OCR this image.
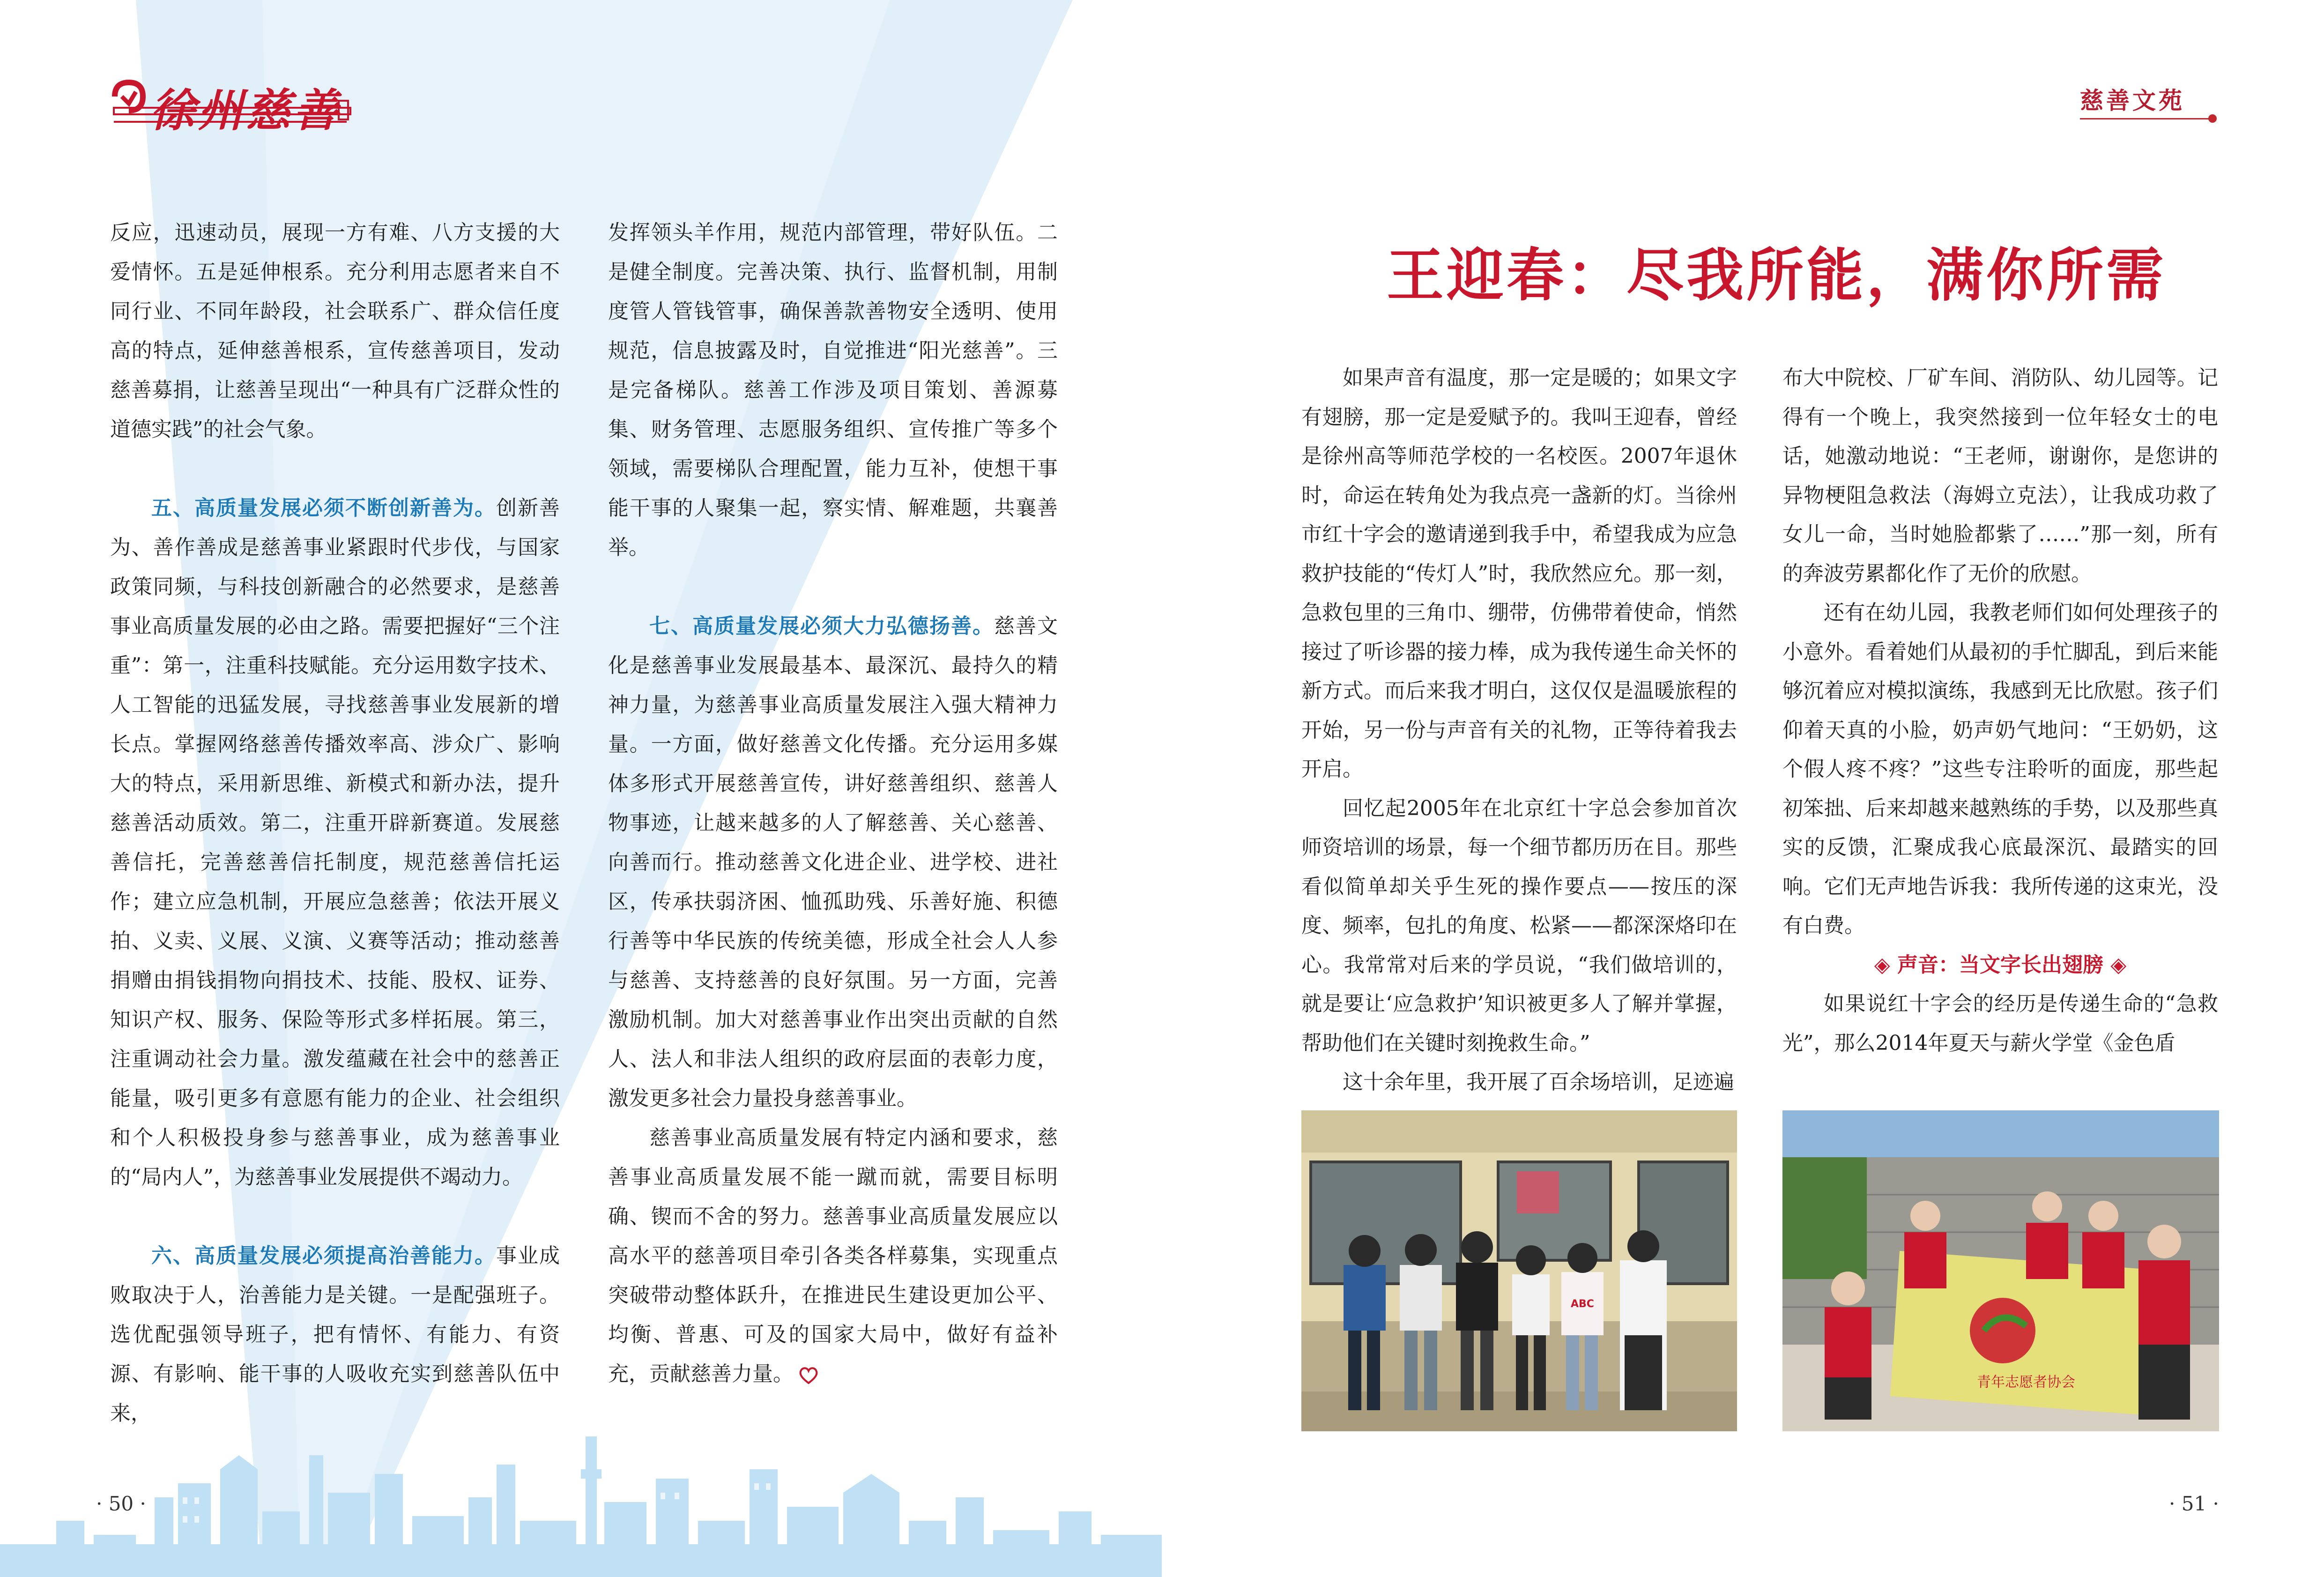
徐州慈善	慈善文苑

反应，迅速动员，展现一方有难、八方支援的大爱情怀。五是延伸根系。充分利用志愿者来自不同行业、不同年龄段，社会联系广、群众信任度高的特点，延伸慈善根系，宣传慈善项目，发动慈善募捐，让慈善呈现出“一种具有广泛群众性的道德实践”的社会气象。

五、高质量发展必须不断创新善为。创新善为、善作善成是慈善事业紧跟时代步伐，与国家政策同频，与科技创新融合的必然要求，是慈善事业高质量发展的必由之路。需要把握好“三个注重”：第一，注重科技赋能。充分运用数字技术、人工智能的迅猛发展，寻找慈善事业发展新的增长点。掌握网络慈善传播效率高、涉众广、影响大的特点，采用新思维、新模式和新办法，提升慈善活动质效。第二，注重开辟新赛道。发展慈善信托，完善慈善信托制度，规范慈善信托运作；建立应急机制，开展应急慈善；依法开展义拍、义卖、义展、义演、义赛等活动；推动慈善捐赠由捐钱捐物向捐技术、技能、股权、证券、知识产权、服务、保险等形式多样拓展。第三，注重调动社会力量。激发蕴藏在社会中的慈善正能量，吸引更多有意愿有能力的企业、社会组织和个人积极投身参与慈善事业，成为慈善事业的“局内人”，为慈善事业发展提供不竭动力。

六、高质量发展必须提高治善能力。事业成败取决于人，治善能力是关键。一是配强班子。选优配强领导班子，把有情怀、有能力、有资源、有影响、能干事的人吸收充实到慈善队伍中来，

发挥领头羊作用，规范内部管理，带好队伍。二是健全制度。完善决策、执行、监督机制，用制度管人管钱管事，确保善款善物安全透明、使用规范，信息披露及时，自觉推进“阳光慈善”。三是完备梯队。慈善工作涉及项目策划、善源募集、财务管理、志愿服务组织、宣传推广等多个领域，需要梯队合理配置，能力互补，使想干事能干事的人聚集一起，察实情、解难题，共襄善举。

七、高质量发展必须大力弘德扬善。慈善文化是慈善事业发展最基本、最深沉、最持久的精神力量，为慈善事业高质量发展注入强大精神力量。一方面，做好慈善文化传播。充分运用多媒体多形式开展慈善宣传，讲好慈善组织、慈善人物事迹，让越来越多的人了解慈善、关心慈善、向善而行。推动慈善文化进企业、进学校、进社区，传承扶弱济困、恤孤助残、乐善好施、积德行善等中华民族的传统美德，形成全社会人人参与慈善、支持慈善的良好氛围。另一方面，完善激励机制。加大对慈善事业作出突出贡献的自然人、法人和非法人组织的政府层面的表彰力度，激发更多社会力量投身慈善事业。

慈善事业高质量发展有特定内涵和要求，慈善事业高质量发展不能一蹴而就，需要目标明确、锲而不舍的努力。慈善事业高质量发展应以高水平的慈善项目牵引各类各样募集，实现重点突破带动整体跃升，在推进民生建设更加公平、均衡、普惠、可及的国家大局中，做好有益补充，贡献慈善力量。

王迎春：尽我所能，满你所需

如果声音有温度，那一定是暖的；如果文字有翅膀，那一定是爱赋予的。我叫王迎春，曾经是徐州高等师范学校的一名校医。2007年退休时，命运在转角处为我点亮一盏新的灯。当徐州市红十字会的邀请递到我手中，希望我成为应急救护技能的“传灯人”时，我欣然应允。那一刻，急救包里的三角巾、绷带，仿佛带着使命，悄然接过了听诊器的接力棒，成为我传递生命关怀的新方式。而后来我才明白，这仅仅是温暖旅程的开始，另一份与声音有关的礼物，正等待着我去开启。

回忆起2005年在北京红十字总会参加首次师资培训的场景，每一个细节都历历在目。那些看似简单却关乎生死的操作要点——按压的深度、频率，包扎的角度、松紧——都深深烙印在心。我常常对后来的学员说，“我们做培训的，就是要让‘应急救护’知识被更多人了解并掌握，帮助他们在关键时刻挽救生命。”

这十余年里，我开展了百余场培训，足迹遍

布大中院校、厂矿车间、消防队、幼儿园等。记得有一个晚上，我突然接到一位年轻女士的电话，她激动地说：“王老师，谢谢你，是您讲的异物梗阻急救法（海姆立克法），让我成功救了女儿一命，当时她脸都紫了……”那一刻，所有的奔波劳累都化作了无价的欣慰。

还有在幼儿园，我教老师们如何处理孩子的小意外。看着她们从最初的手忙脚乱，到后来能够沉着应对模拟演练，我感到无比欣慰。孩子们仰着天真的小脸，奶声奶气地问：“王奶奶，这个假人疼不疼？”这些专注聆听的面庞，那些起初笨拙、后来却越来越熟练的手势，以及那些真实的反馈，汇聚成我心底最深沉、最踏实的回响。它们无声地告诉我：我所传递的这束光，没有白费。

◈ 声音：当文字长出翅膀 ◈

如果说红十字会的经历是传递生命的“急救光”，那么2014年夏天与薪火学堂《金色盾

ABC
青年志愿者协会
· 50 ·	· 51 ·
